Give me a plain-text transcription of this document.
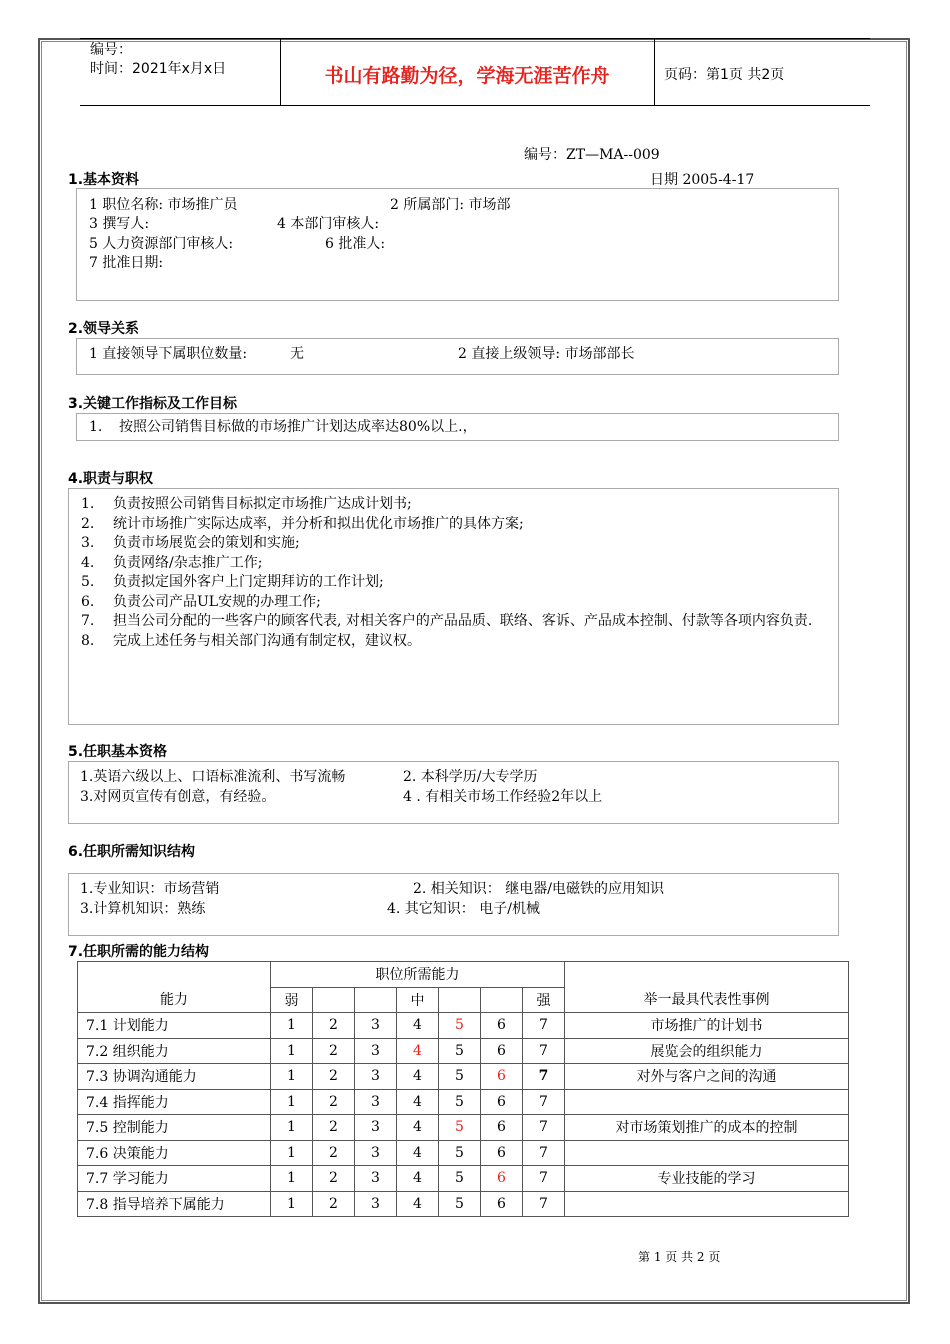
编号：
时间：2021年x月x日	书山有路勤为径，学海无涯苦作舟	页码：第1页 共2页
编号：ZT—MA--009
日期 2005-4-17
1.基本资料
1 职位名称: 市场推广员	2 所属部门: 市场部
3 撰写人:	4 本部门审核人:
5 人力资源部门审核人:	6 批准人:
7 批准日期:
2.领导关系
1 直接领导下属职位数量:	无	2 直接上级领导: 市场部部长
3.关键工作指标及工作目标
1. 按照公司销售目标做的市场推广计划达成率达80%以上.，
4.职责与职权
1. 负责按照公司销售目标拟定市场推广达成计划书;
2. 统计市场推广实际达成率，并分析和拟出优化市场推广的具体方案;
3. 负责市场展览会的策划和实施;
4. 负责网络/杂志推广工作;
5. 负责拟定国外客户上门定期拜访的工作计划;
6. 负责公司产品UL安规的办理工作;
7. 担当公司分配的一些客户的顾客代表, 对相关客户的产品品质、联络、客诉、产品成本控制、付款等各项内容负责.
8. 完成上述任务与相关部门沟通有制定权，建议权。
5.任职基本资格
1.英语六级以上、口语标准流利、书写流畅	2. 本科学历/大专学历
3.对网页宣传有创意，有经验。	4 . 有相关市场工作经验2年以上
6.任职所需知识结构
1.专业知识：市场营销	2. 相关知识： 继电器/电磁铁的应用知识
3.计算机知识：熟练	4. 其它知识： 电子/机械
7.任职所需的能力结构
能力	职位所需能力							举一最具代表性事例
	弱			中			强	
7.1 计划能力	1	2	3	4	5	6	7	市场推广的计划书
7.2 组织能力	1	2	3	4	5	6	7	展览会的组织能力
7.3 协调沟通能力	1	2	3	4	5	6	7	对外与客户之间的沟通
7.4 指挥能力	1	2	3	4	5	6	7	
7.5 控制能力	1	2	3	4	5	6	7	对市场策划推广的成本的控制
7.6 决策能力	1	2	3	4	5	6	7	
7.7 学习能力	1	2	3	4	5	6	7	专业技能的学习
7.8 指导培养下属能力	1	2	3	4	5	6	7	
第 1 页 共 2 页
